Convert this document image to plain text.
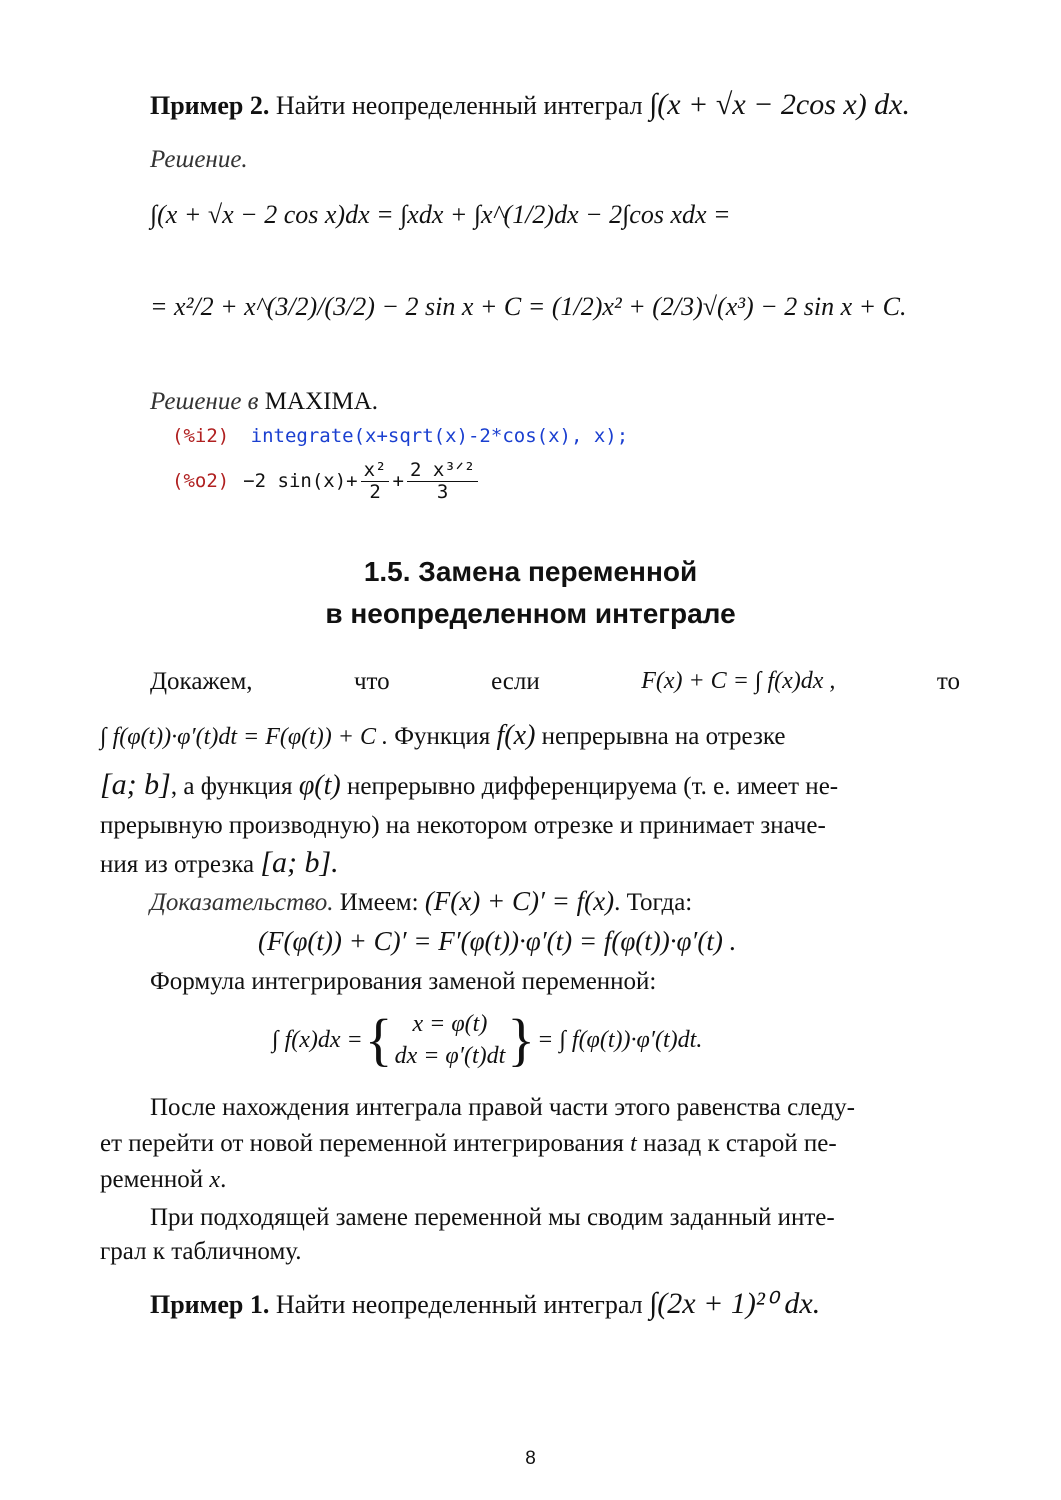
Пример 2. Найти неопределенный интеграл ∫(x + √x − 2cos x) dx.
Решение.
∫(x + √x − 2 cos x)dx = ∫xdx + ∫x^(1/2)dx − 2∫cos xdx =
= x²/2 + x^(3/2)/(3/2) − 2 sin x + C = (1/2)x² + (2/3)√(x³) − 2 sin x + C.
Решение в MAXIMA.
(%i2) integrate(x+sqrt(x)-2*cos(x), x);
(%o2) −2 $\sin(x)+ \frac{\text{x²}}{2} + \frac{\text{2 x³ᐟ²}}{3}$
1.5. Замена переменной
в неопределенном интеграле
Докажем,	что	если	F(x) + C = ∫ f(x)dx ,	то
∫ f(φ(t))·φ′(t)dt = F(φ(t)) + C . Функция f(x) непрерывна на отрезке
[a; b], а функция φ(t) непрерывно дифференцируема (т. е. имеет не-
прерывную производную) на некотором отрезке и принимает значе-
ния из отрезка [a; b].
Доказательство. Имеем: (F(x) + C)′ = f(x). Тогда:
(F(φ(t)) + C)′ = F′(φ(t))·φ′(t) = f(φ(t))·φ′(t) .
Формула интегрирования заменой переменной:
∫ f(x)dx = { x = φ(t)
dx = φ′(t)dt } = ∫ f(φ(t))·φ′(t)dt.
После нахождения интеграла правой части этого равенства следу-
ет перейти от новой переменной интегрирования t назад к старой пе-
ременной x.
При подходящей замене переменной мы сводим заданный инте-
грал к табличному.
Пример 1. Найти неопределенный интеграл ∫(2x + 1)²⁰ dx.
8
